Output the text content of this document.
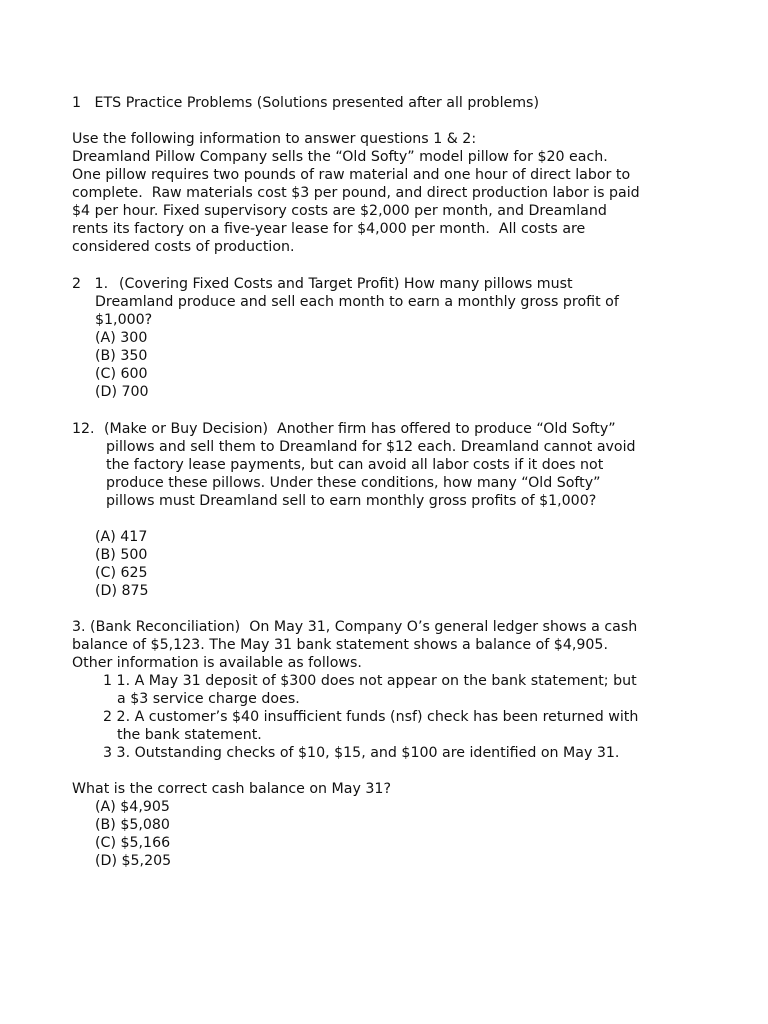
1   ETS Practice Problems (Solutions presented after all problems)
Use the following information to answer questions 1 & 2:
Dreamland Pillow Company sells the “Old Softy” model pillow for $20 each.
One pillow requires two pounds of raw material and one hour of direct labor to
complete.  Raw materials cost $3 per pound, and direct production labor is paid
$4 per hour. Fixed supervisory costs are $2,000 per month, and Dreamland
rents its factory on a five-year lease for $4,000 per month.  All costs are
considered costs of production.
2   1. (Covering Fixed Costs and Target Profit) How many pillows must
Dreamland produce and sell each month to earn a monthly gross profit of
$1,000?
(A) 300
(B) 350
(C) 600
(D) 700
12. (Make or Buy Decision)  Another firm has offered to produce “Old Softy”
pillows and sell them to Dreamland for $12 each. Dreamland cannot avoid
the factory lease payments, but can avoid all labor costs if it does not
produce these pillows. Under these conditions, how many “Old Softy”
pillows must Dreamland sell to earn monthly gross profits of $1,000?
(A) 417
(B) 500
(C) 625
(D) 875
3. (Bank Reconciliation)  On May 31, Company O’s general ledger shows a cash
balance of $5,123. The May 31 bank statement shows a balance of $4,905.
Other information is available as follows.
1 1. A May 31 deposit of $300 does not appear on the bank statement; but
a $3 service charge does.
2 2. A customer’s $40 insufficient funds (nsf) check has been returned with
the bank statement.
3 3. Outstanding checks of $10, $15, and $100 are identified on May 31.
What is the correct cash balance on May 31?
(A) $4,905
(B) $5,080
(C) $5,166
(D) $5,205
